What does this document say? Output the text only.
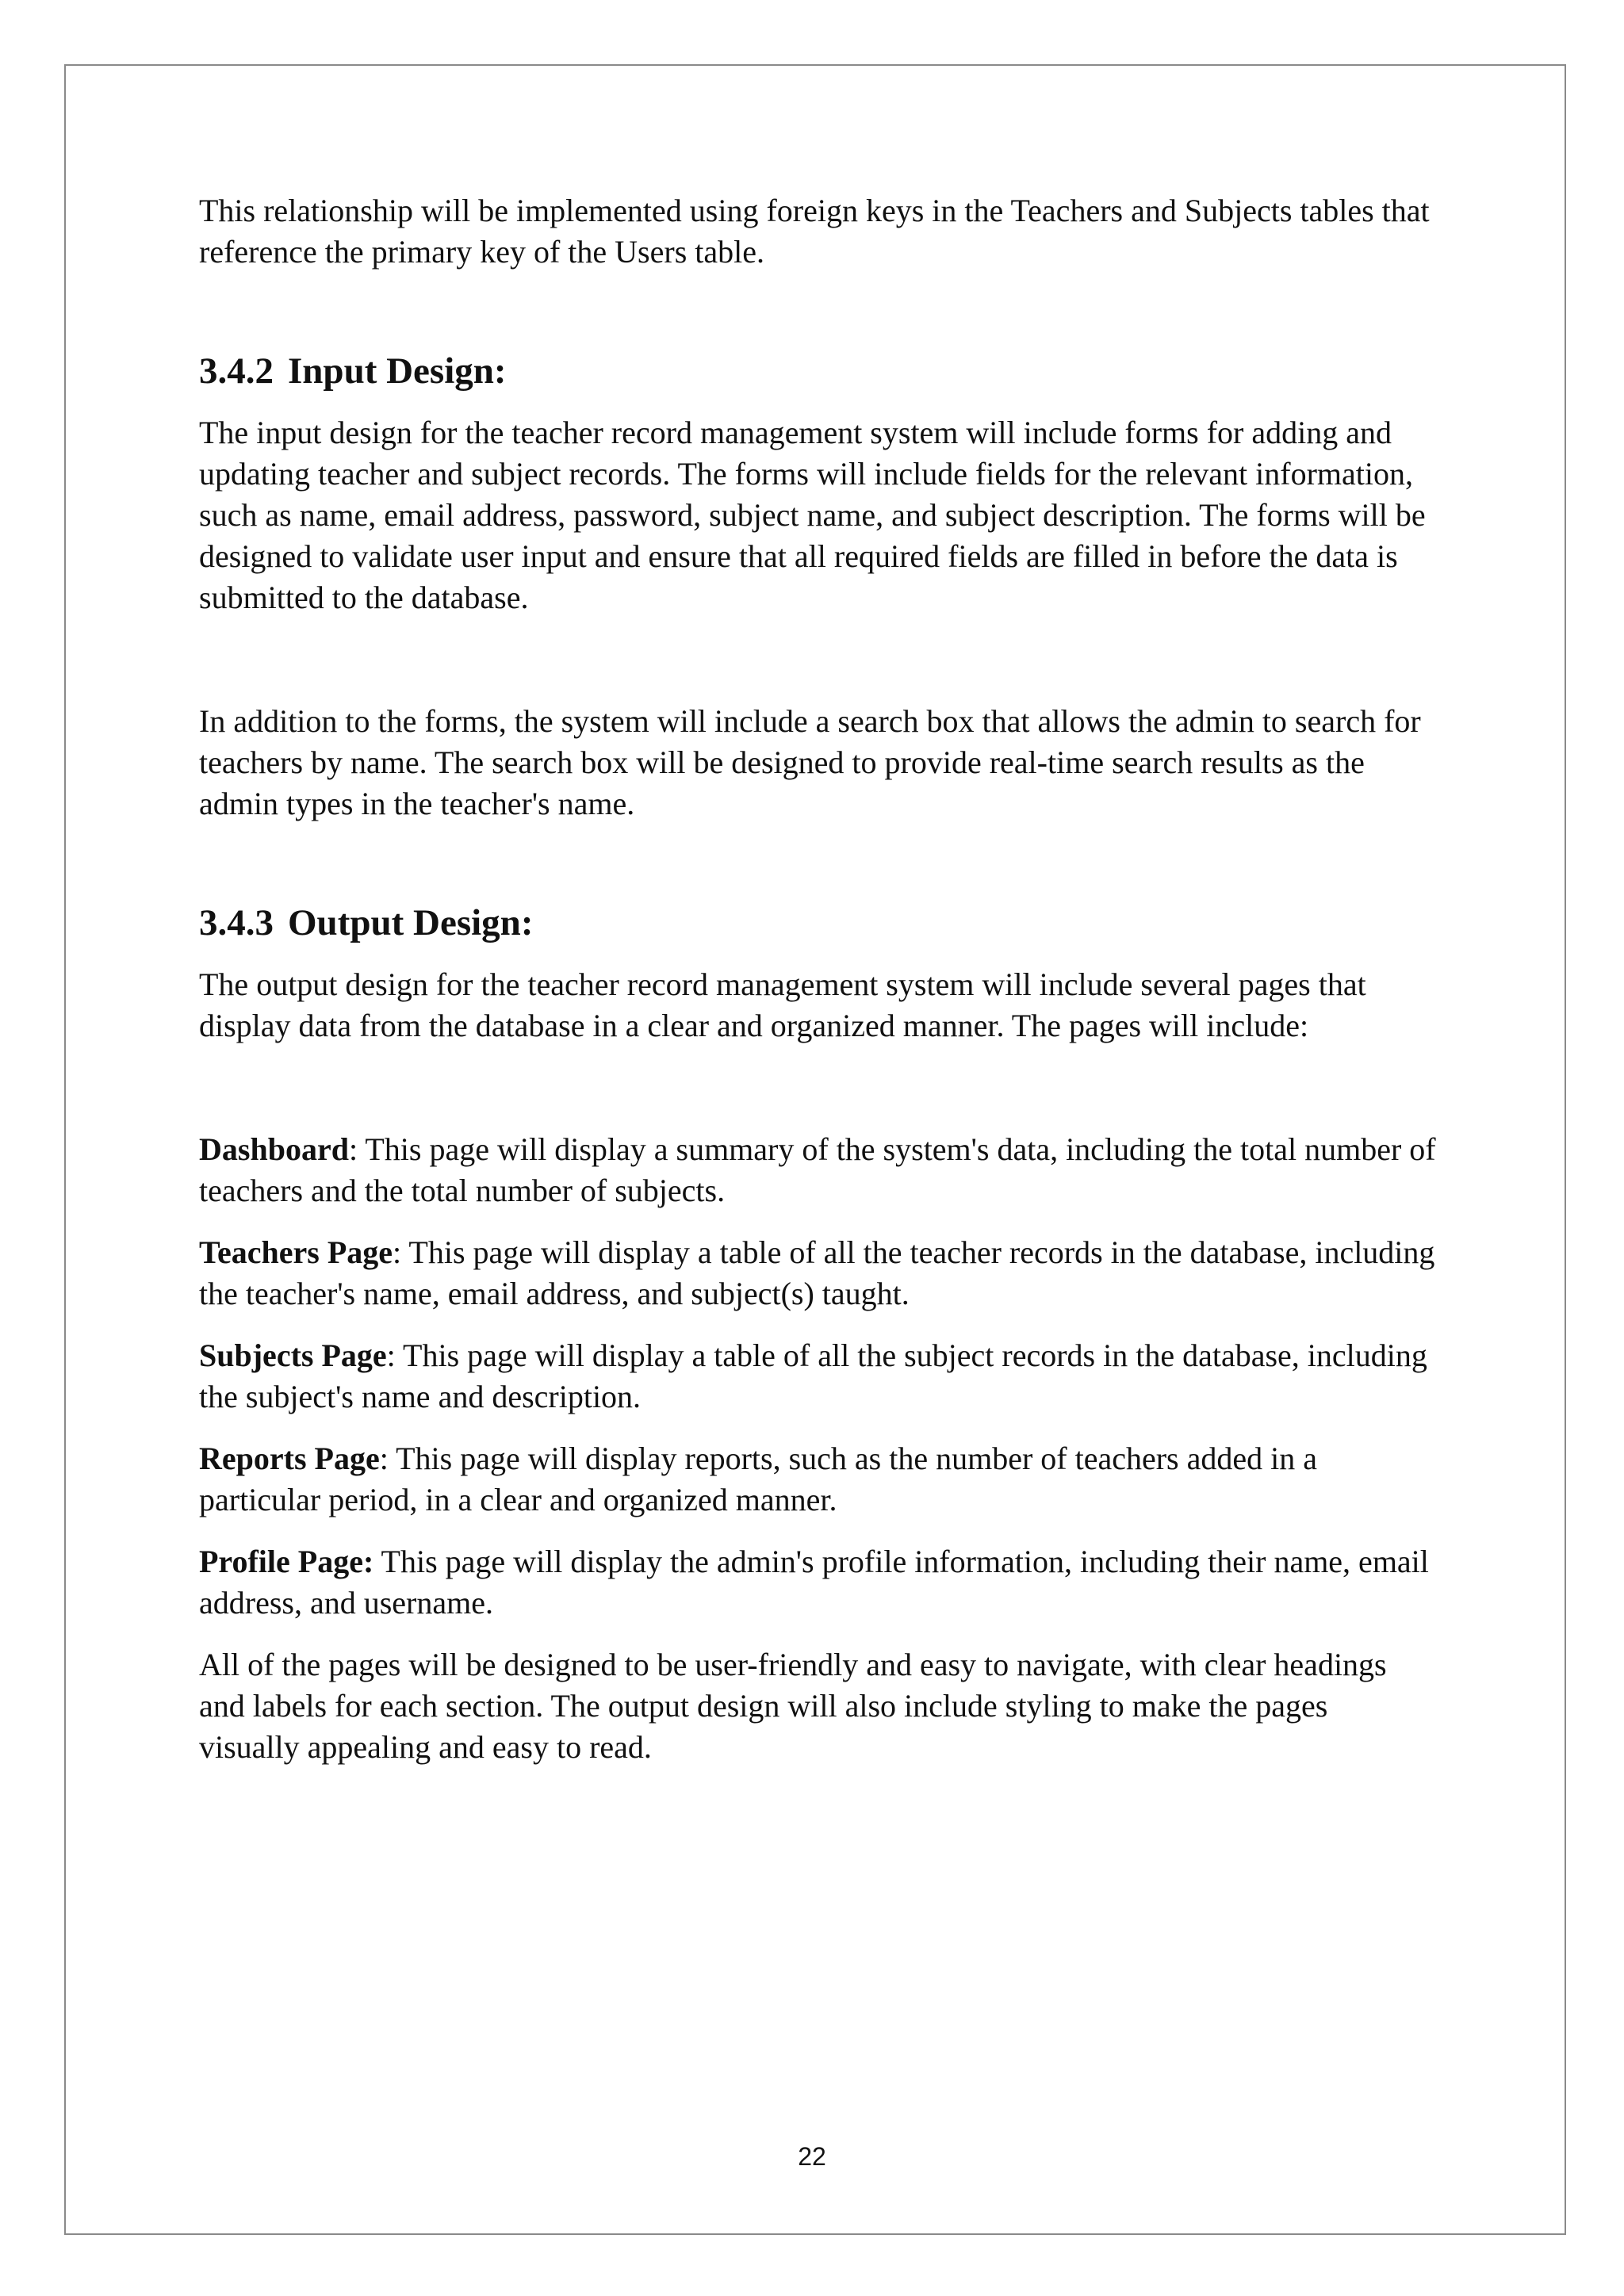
This relationship will be implemented using foreign keys in the Teachers and Subjects tables that reference the primary key of the Users table.

3.4.2 Input Design:

The input design for the teacher record management system will include forms for adding and updating teacher and subject records. The forms will include fields for the relevant information, such as name, email address, password, subject name, and subject description. The forms will be designed to validate user input and ensure that all required fields are filled in before the data is submitted to the database.

In addition to the forms, the system will include a search box that allows the admin to search for teachers by name. The search box will be designed to provide real-time search results as the admin types in the teacher's name.

3.4.3 Output Design:

The output design for the teacher record management system will include several pages that display data from the database in a clear and organized manner. The pages will include:

Dashboard: This page will display a summary of the system's data, including the total number of teachers and the total number of subjects.

Teachers Page: This page will display a table of all the teacher records in the database, including the teacher's name, email address, and subject(s) taught.

Subjects Page: This page will display a table of all the subject records in the database, including the subject's name and description.

Reports Page: This page will display reports, such as the number of teachers added in a particular period, in a clear and organized manner.

Profile Page: This page will display the admin's profile information, including their name, email address, and username.

All of the pages will be designed to be user-friendly and easy to navigate, with clear headings and labels for each section. The output design will also include styling to make the pages visually appealing and easy to read.

22
